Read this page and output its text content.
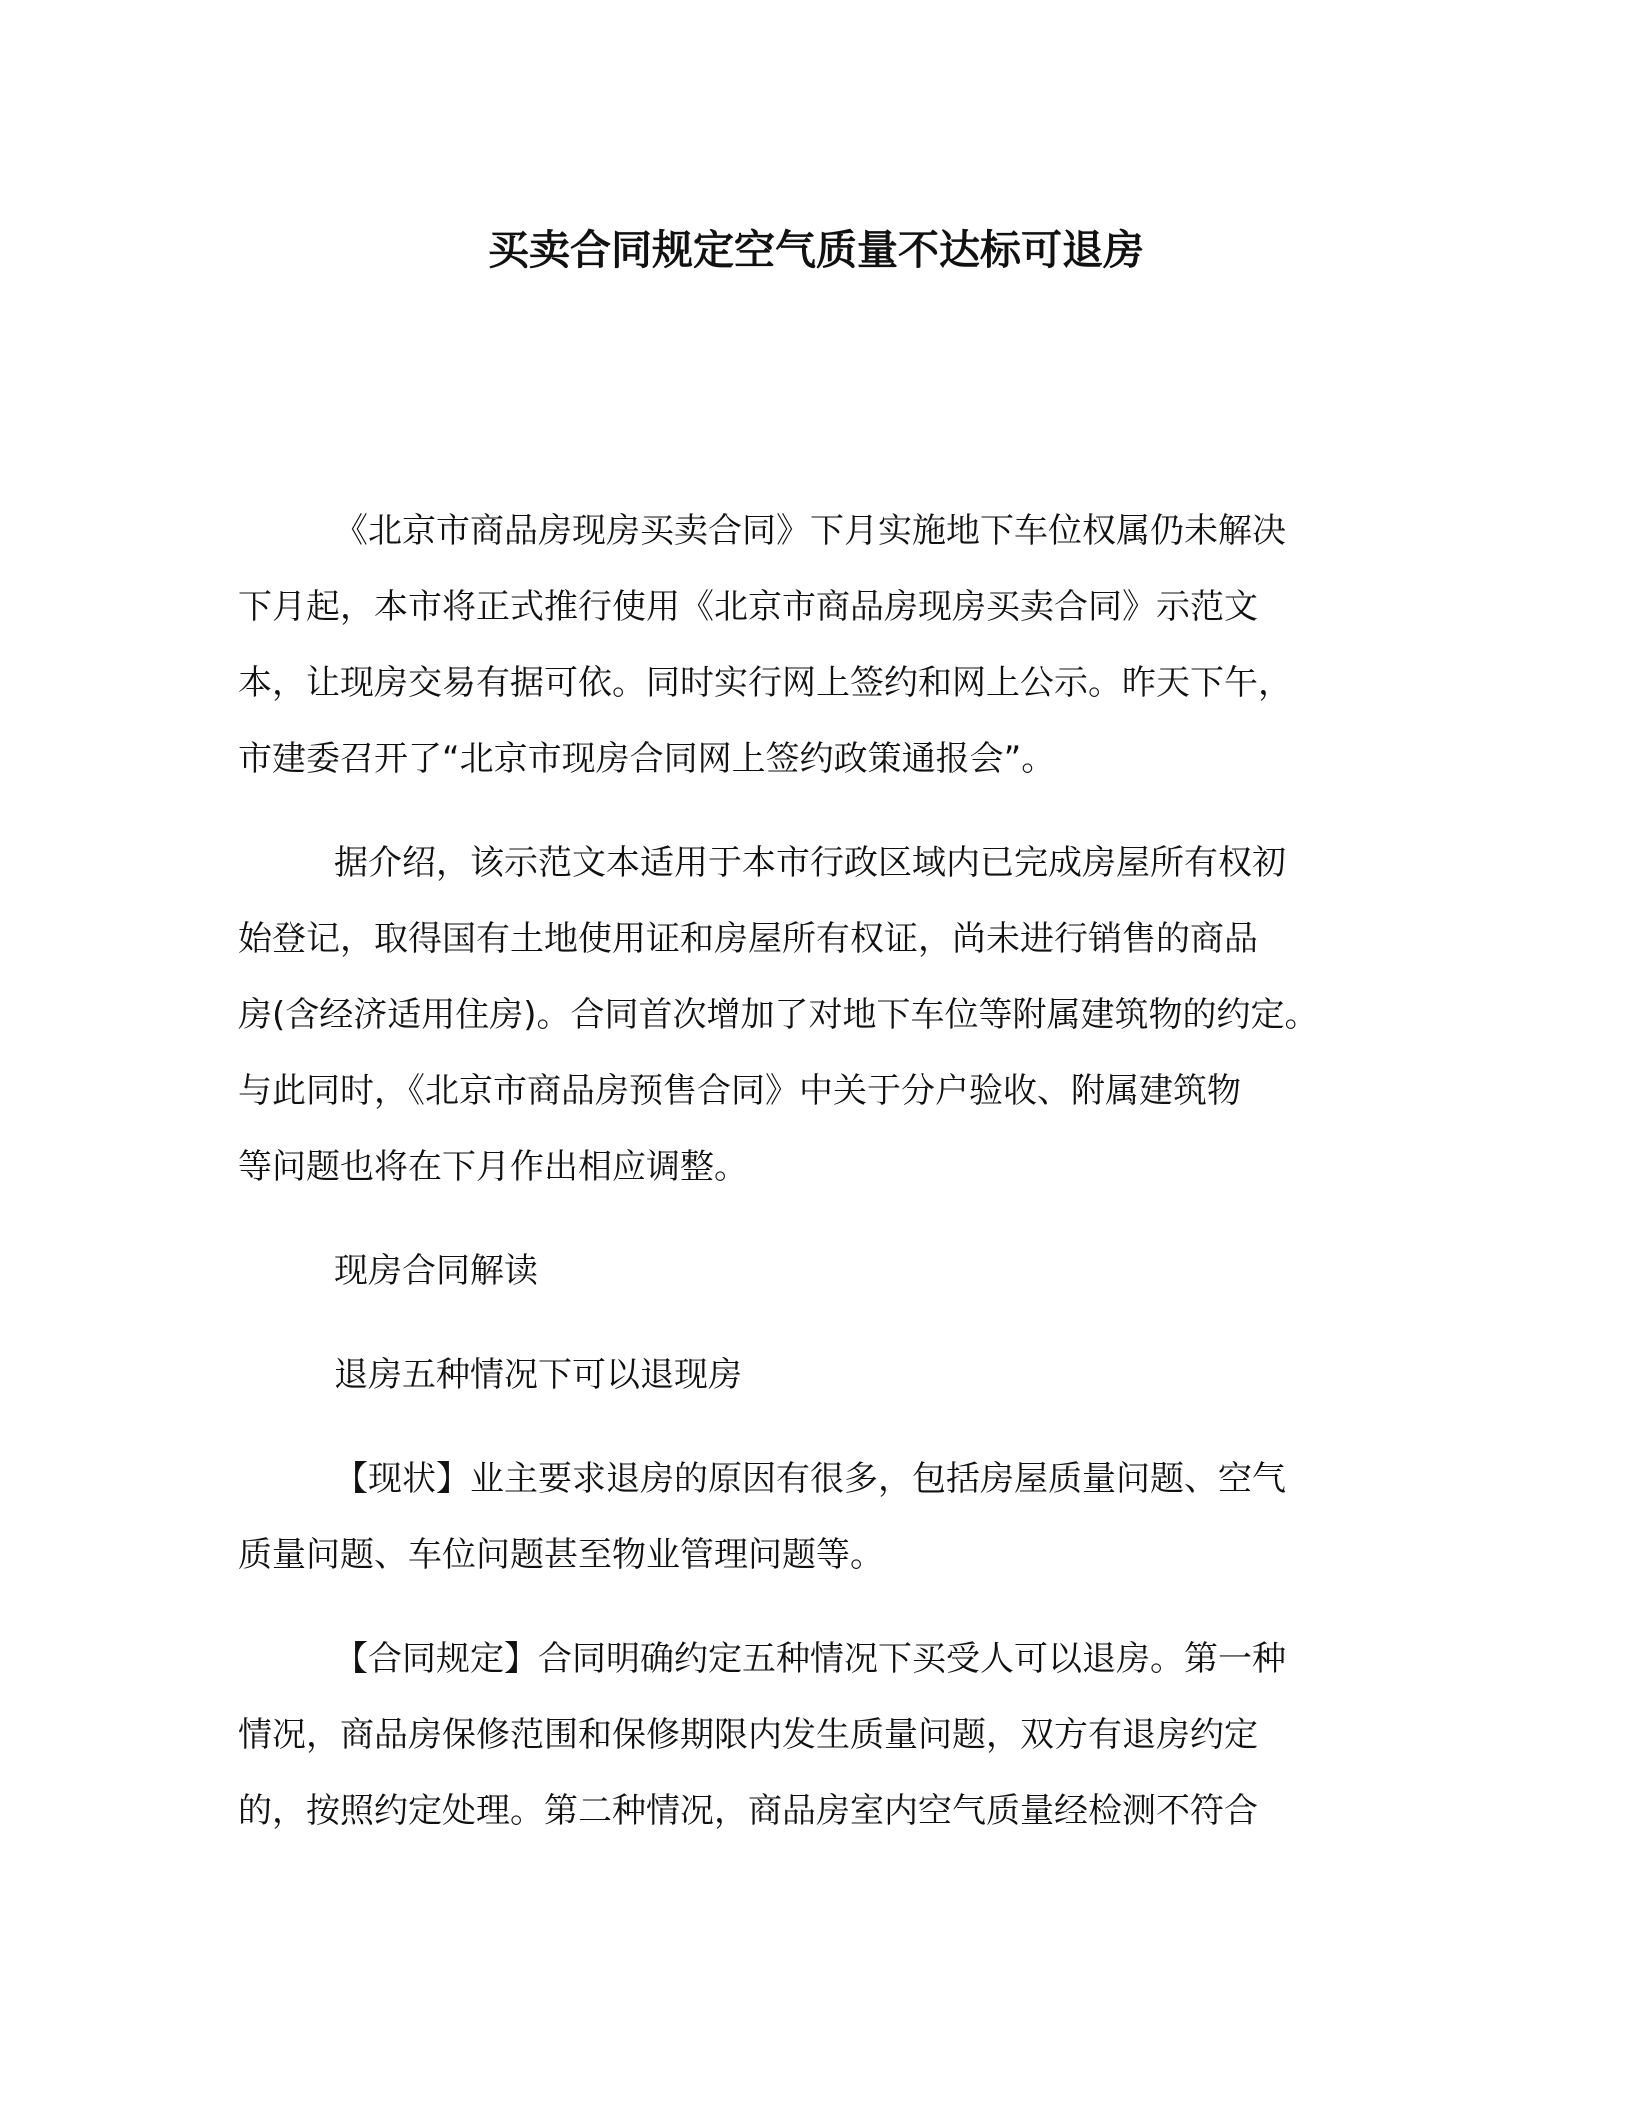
买卖合同规定空气质量不达标可退房
《北京市商品房现房买卖合同》下月实施地下车位权属仍未解决
下月起，本市将正式推行使用《北京市商品房现房买卖合同》示范文
本，让现房交易有据可依。同时实行网上签约和网上公示。昨天下午，
市建委召开了“北京市现房合同网上签约政策通报会”。
据介绍，该示范文本适用于本市行政区域内已完成房屋所有权初
始登记，取得国有土地使用证和房屋所有权证，尚未进行销售的商品
房(含经济适用住房)。合同首次增加了对地下车位等附属建筑物的约定。
与此同时，《北京市商品房预售合同》中关于分户验收、附属建筑物
等问题也将在下月作出相应调整。
现房合同解读
退房五种情况下可以退现房
【现状】业主要求退房的原因有很多，包括房屋质量问题、空气
质量问题、车位问题甚至物业管理问题等。
【合同规定】合同明确约定五种情况下买受人可以退房。第一种
情况，商品房保修范围和保修期限内发生质量问题，双方有退房约定
的，按照约定处理。第二种情况，商品房室内空气质量经检测不符合
